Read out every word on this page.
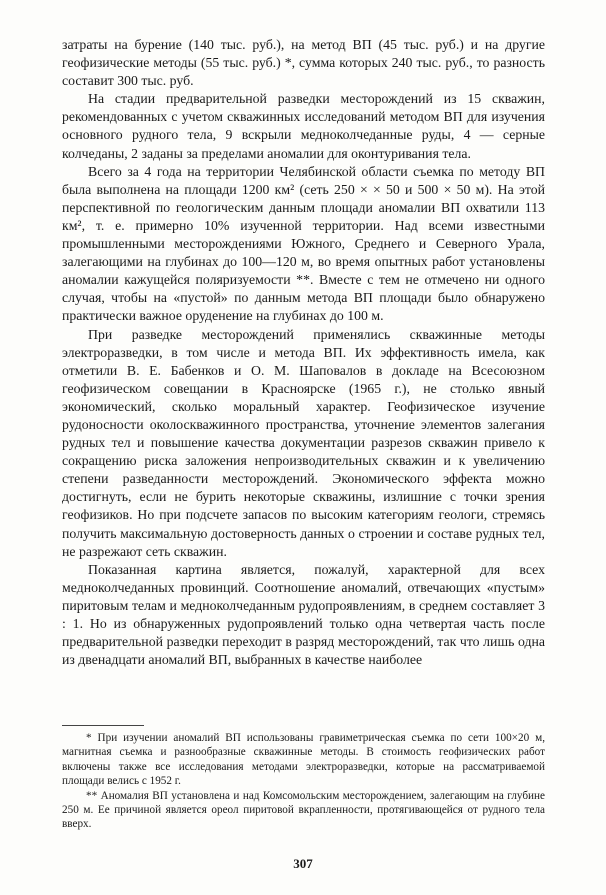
затраты на бурение (140 тыс. руб.), на метод ВП (45 тыс. руб.) и на другие геофизические методы (55 тыс. руб.) *, сумма которых 240 тыс. руб., то разность составит 300 тыс. руб.

На стадии предварительной разведки месторождений из 15 скважин, рекомендованных с учетом скважинных исследований методом ВП для изучения основного рудного тела, 9 вскрыли медноколчеданные руды, 4 — серные колчеданы, 2 заданы за пределами аномалии для оконтуривания тела.

Всего за 4 года на территории Челябинской области съемка по методу ВП была выполнена на площади 1200 км² (сеть 250 × × 50 и 500 × 50 м). На этой перспективной по геологическим данным площади аномалии ВП охватили 113 км², т. е. примерно 10% изученной территории. Над всеми известными промышленными месторождениями Южного, Среднего и Северного Урала, залегающими на глубинах до 100—120 м, во время опытных работ установлены аномалии кажущейся поляризуемости **. Вместе с тем не отмечено ни одного случая, чтобы на «пустой» по данным метода ВП площади было обнаружено практически важное оруденение на глубинах до 100 м.

При разведке месторождений применялись скважинные методы электроразведки, в том числе и метода ВП. Их эффективность имела, как отметили В. Е. Бабенков и О. М. Шаповалов в докладе на Всесоюзном геофизическом совещании в Красноярске (1965 г.), не столько явный экономический, сколько моральный характер. Геофизическое изучение рудоносности околоскважинного пространства, уточнение элементов залегания рудных тел и повышение качества документации разрезов скважин привело к сокращению риска заложения непроизводительных скважин и к увеличению степени разведанности месторождений. Экономического эффекта можно достигнуть, если не бурить некоторые скважины, излишние с точки зрения геофизиков. Но при подсчете запасов по высоким категориям геологи, стремясь получить максимальную достоверность данных о строении и составе рудных тел, не разрежают сеть скважин.

Показанная картина является, пожалуй, характерной для всех медноколчеданных провинций. Соотношение аномалий, отвечающих «пустым» пиритовым телам и медноколчеданным рудопроявлениям, в среднем составляет 3 : 1. Но из обнаруженных рудопроявлений только одна четвертая часть после предварительной разведки переходит в разряд месторождений, так что лишь одна из двенадцати аномалий ВП, выбранных в качестве наиболее

* При изучении аномалий ВП использованы гравиметрическая съемка по сети 100×20 м, магнитная съемка и разнообразные скважинные методы. В стоимость геофизических работ включены также все исследования методами электроразведки, которые на рассматриваемой площади велись с 1952 г.

** Аномалия ВП установлена и над Комсомольским месторождением, залегающим на глубине 250 м. Ее причиной является ореол пиритовой вкрапленности, протягивающейся от рудного тела вверх.

307
